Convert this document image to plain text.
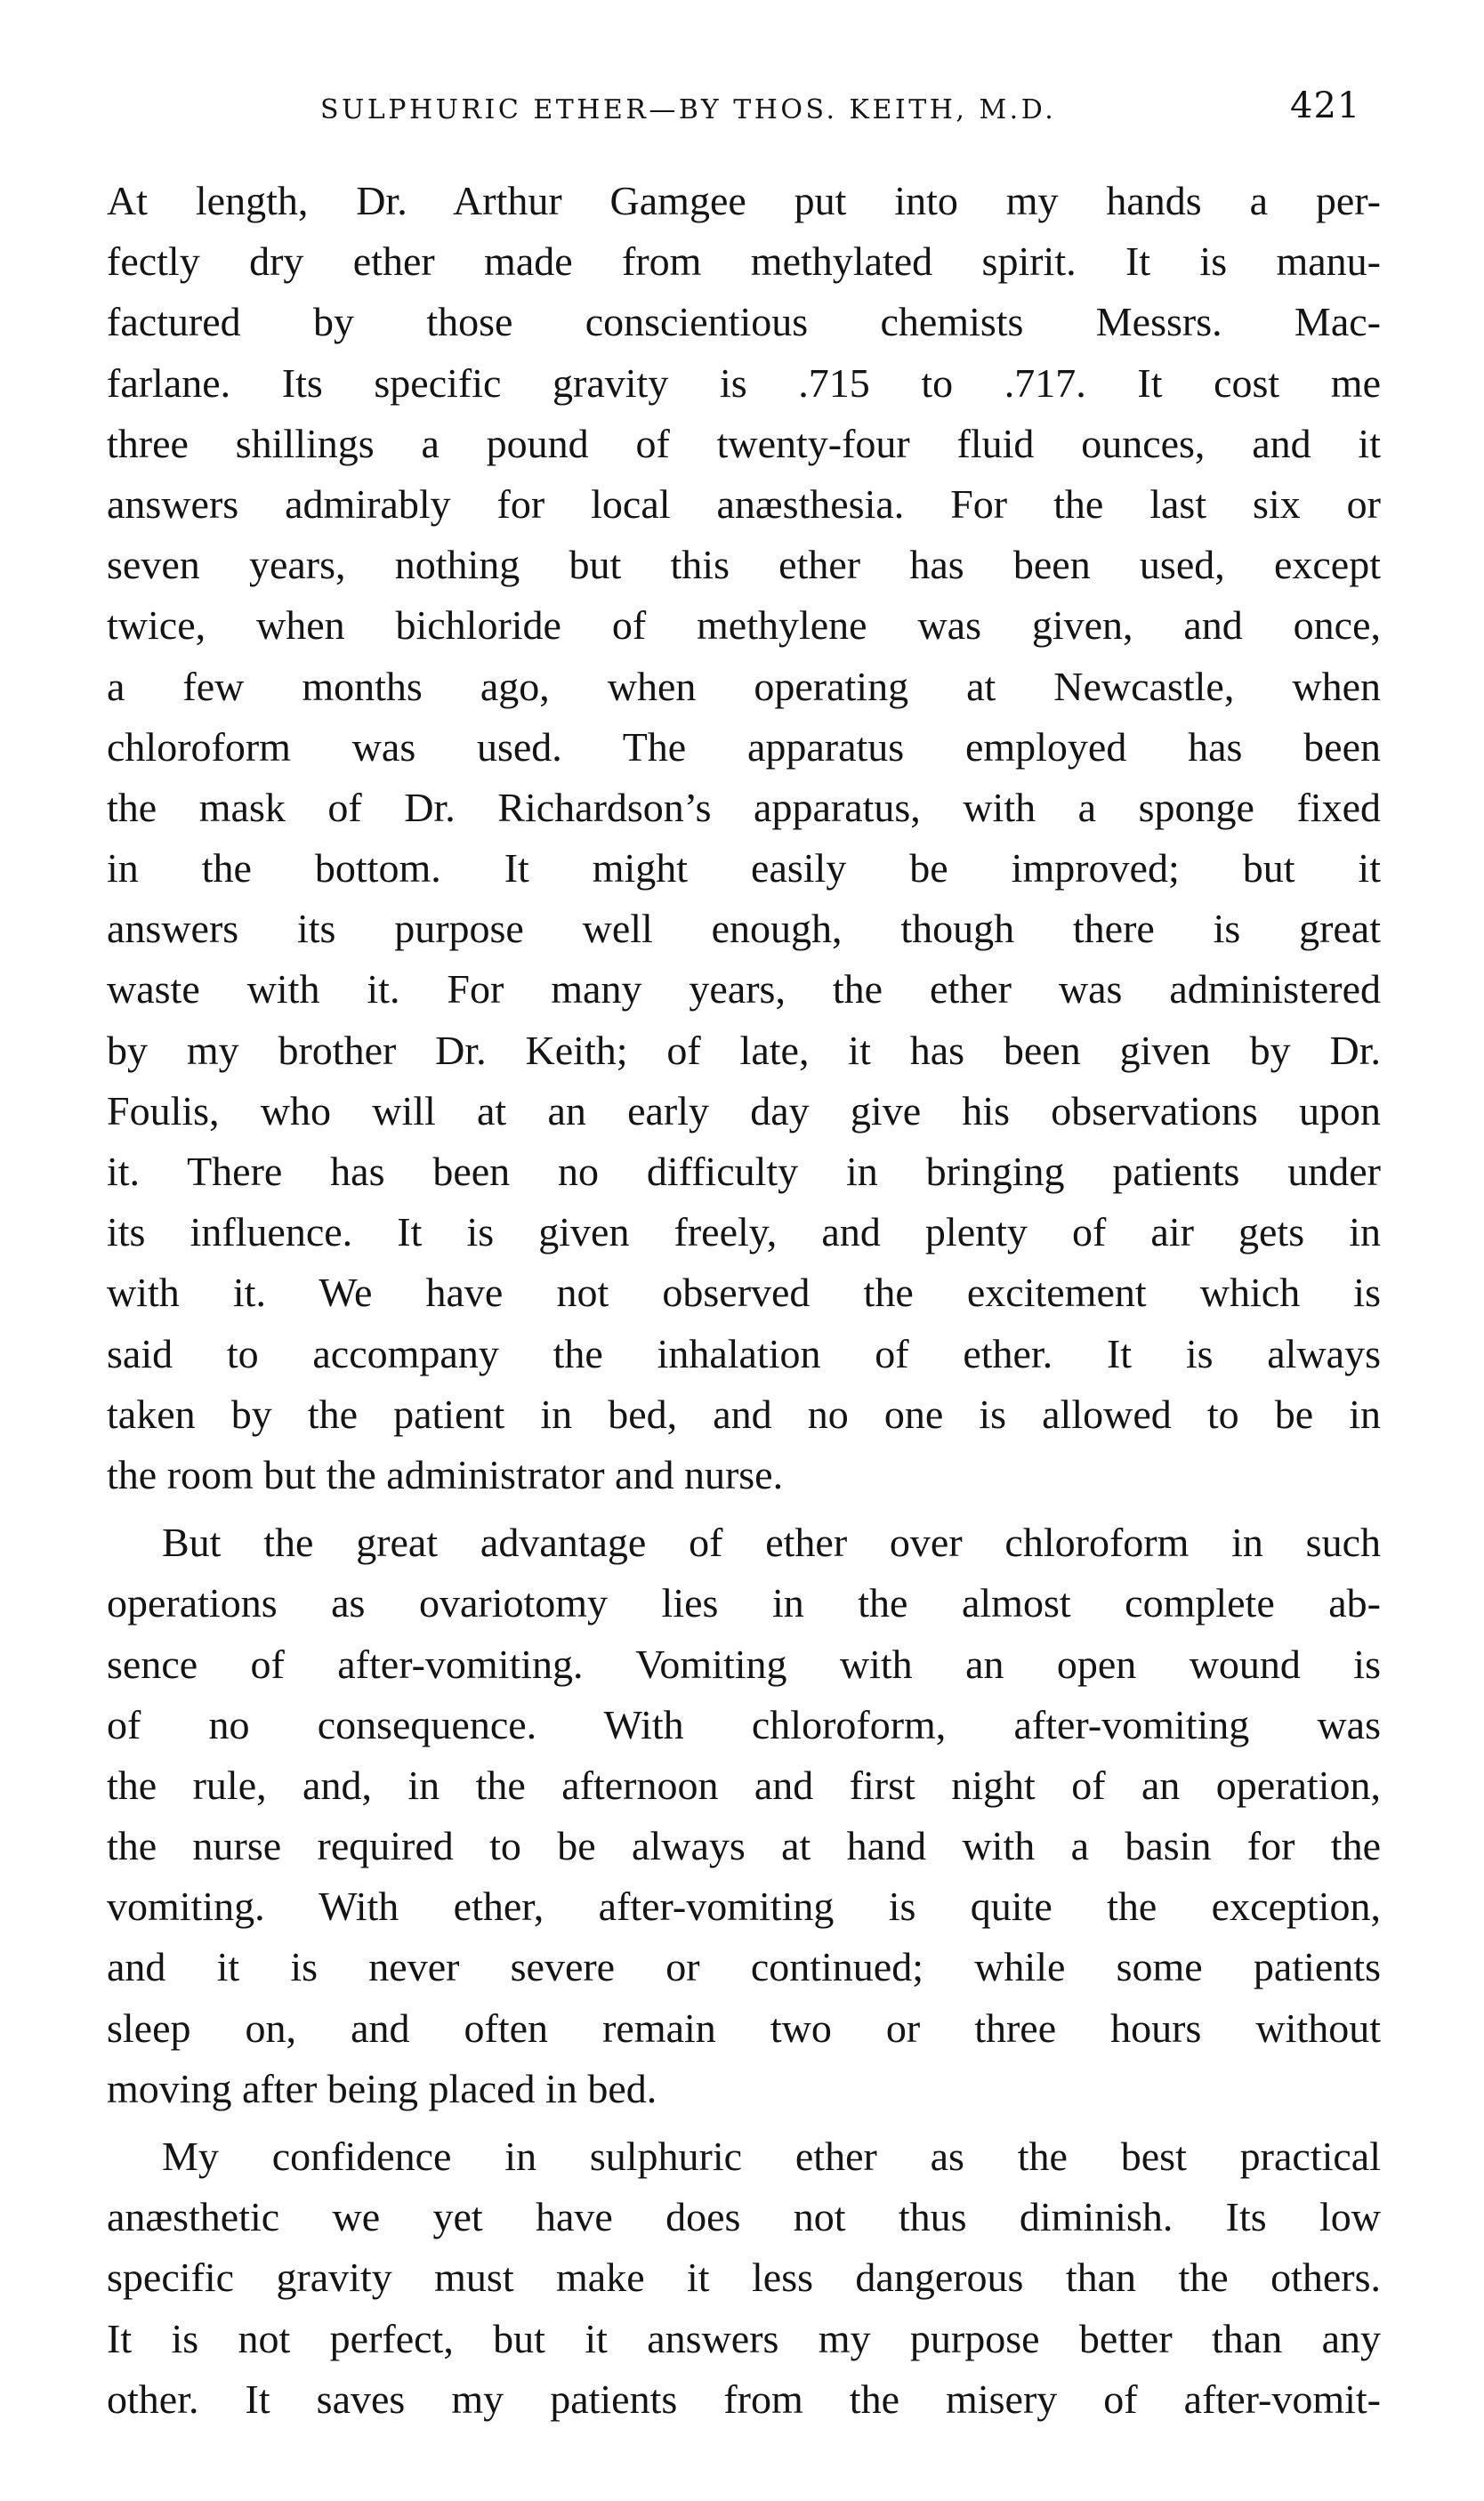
SULPHURIC ETHER—BY THOS. KEITH, M.D.	421
At length, Dr. Arthur Gamgee put into my hands a per-
fectly dry ether made from methylated spirit. It is manu-
factured by those conscientious chemists Messrs. Mac-
farlane. Its specific gravity is .715 to .717. It cost me
three shillings a pound of twenty-four fluid ounces, and it
answers admirably for local anæsthesia. For the last six or
seven years, nothing but this ether has been used, except
twice, when bichloride of methylene was given, and once,
a few months ago, when operating at Newcastle, when
chloroform was used. The apparatus employed has been
the mask of Dr. Richardson’s apparatus, with a sponge fixed
in the bottom. It might easily be improved; but it
answers its purpose well enough, though there is great
waste with it. For many years, the ether was administered
by my brother Dr. Keith; of late, it has been given by Dr.
Foulis, who will at an early day give his observations upon
it. There has been no difficulty in bringing patients under
its influence. It is given freely, and plenty of air gets in
with it. We have not observed the excitement which is
said to accompany the inhalation of ether. It is always
taken by the patient in bed, and no one is allowed to be in
the room but the administrator and nurse.
But the great advantage of ether over chloroform in such
operations as ovariotomy lies in the almost complete ab-
sence of after-vomiting. Vomiting with an open wound is
of no consequence. With chloroform, after-vomiting was
the rule, and, in the afternoon and first night of an operation,
the nurse required to be always at hand with a basin for the
vomiting. With ether, after-vomiting is quite the exception,
and it is never severe or continued; while some patients
sleep on, and often remain two or three hours without
moving after being placed in bed.
My confidence in sulphuric ether as the best practical
anæsthetic we yet have does not thus diminish. Its low
specific gravity must make it less dangerous than the others.
It is not perfect, but it answers my purpose better than any
other. It saves my patients from the misery of after-vomit-
